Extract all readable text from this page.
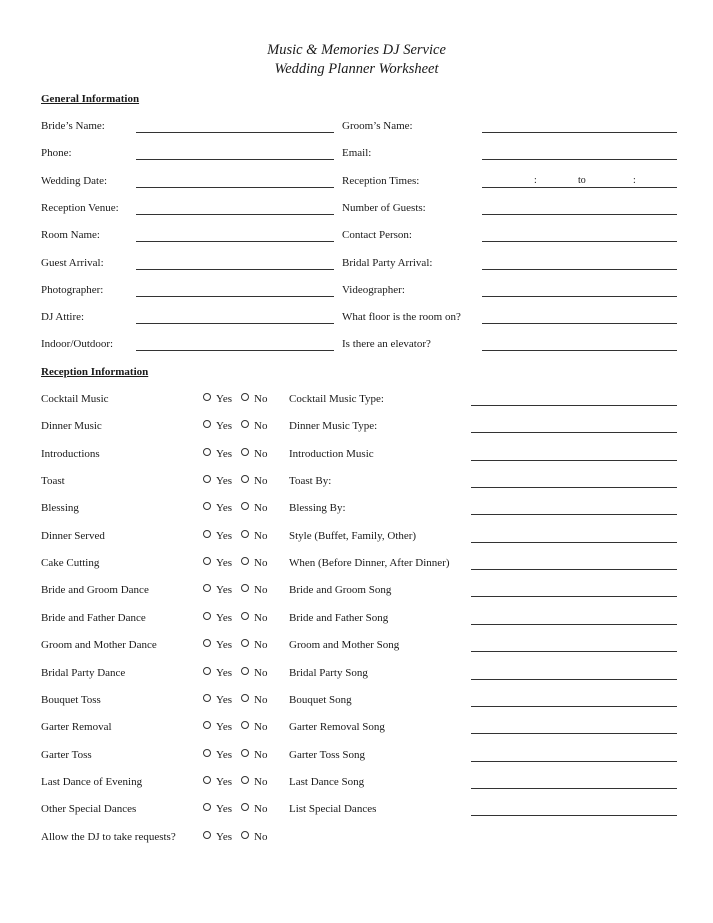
Music & Memories DJ Service
Wedding Planner Worksheet
General Information
Bride’s Name:	Groom’s Name:
Phone:	Email:
Wedding Date:	Reception Times:	:	to	:
Reception Venue:	Number of Guests:
Room Name:	Contact Person:
Guest Arrival:	Bridal Party Arrival:
Photographer:	Videographer:
DJ Attire:	What floor is the room on?
Indoor/Outdoor:	Is there an elevator?
Reception Information
Cocktail Music	Yes	No Cocktail Music Type:
Dinner Music	Yes	No Dinner Music Type:
Introductions	Yes	No Introduction Music
Toast	Yes	No Toast By:
Blessing	Yes	No Blessing By:
Dinner Served	Yes	No Style (Buffet, Family, Other)
Cake Cutting	Yes	No When (Before Dinner, After Dinner)
Bride and Groom Dance	Yes	No Bride and Groom Song
Bride and Father Dance	Yes	No Bride and Father Song
Groom and Mother Dance	Yes	No Groom and Mother Song
Bridal Party Dance	Yes	No Bridal Party Song
Bouquet Toss	Yes	No Bouquet Song
Garter Removal	Yes	No Garter Removal Song
Garter Toss	Yes	No Garter Toss Song
Last Dance of Evening	Yes	No Last Dance Song
Other Special Dances	Yes	No List Special Dances
Allow the DJ to take requests?	Yes	No
